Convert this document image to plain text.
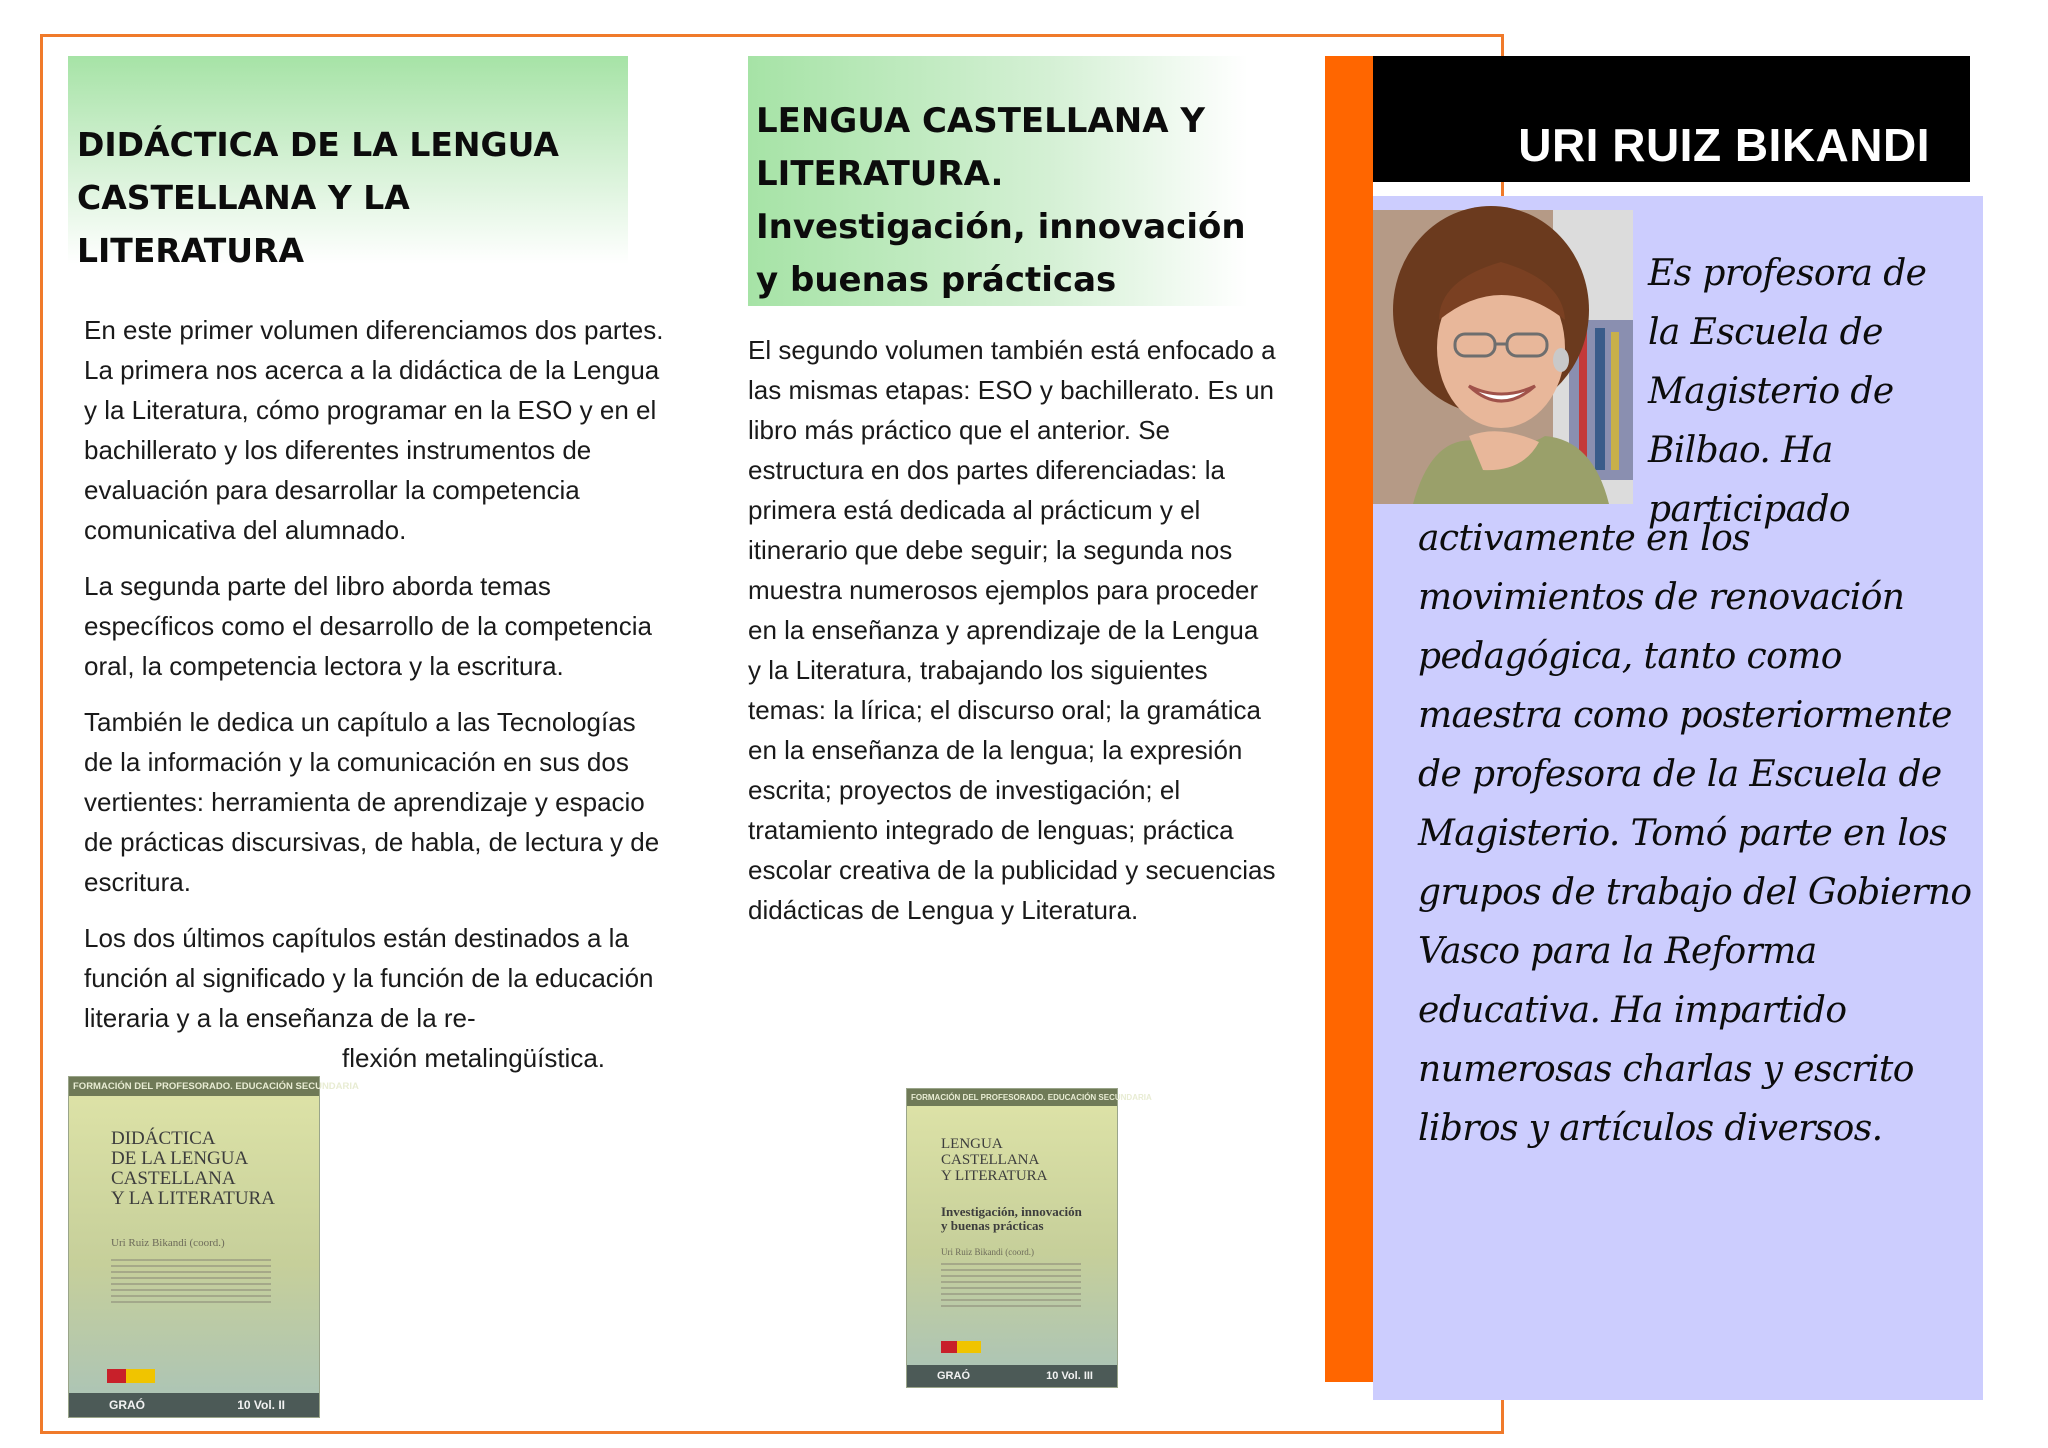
DIDÁCTICA DE LA LENGUA CASTELLANA Y LA LITERATURA

En este primer volumen diferenciamos dos partes. La primera nos acerca a la didáctica de la Lengua y la Literatura, cómo programar en la ESO y en el bachillerato y los diferentes instrumentos de evaluación para desarrollar la competencia comunicativa del alumnado.

La segunda parte del libro aborda temas específicos como el desarrollo de la competencia oral, la competencia lectora y la escritura.

También le dedica un capítulo a las Tecnologías de la información y la comunicación en sus dos vertientes: herramienta de aprendizaje y espacio de prácticas discursivas, de habla, de lectura y de escritura.

Los dos últimos capítulos están destinados a la función al significado y la función de la educación literaria y a la enseñanza de la re-

flexión metalingüística.

FORMACIÓN DEL PROFESORADO. EDUCACIÓN SECUNDARIA

DIDÁCTICA
DE LA LENGUA
CASTELLANA
Y LA LITERATURA

Uri Ruiz Bikandi (coord.)
GRAÓ	10 Vol. II
LENGUA CASTELLANA Y LITERATURA. Investigación, innovación y buenas prácticas

El segundo volumen también está enfocado a las mismas etapas: ESO y bachillerato. Es un libro más práctico que el anterior. Se estructura en dos partes diferenciadas: la primera está dedicada al prácticum y el itinerario que debe seguir; la segunda nos muestra numerosos ejemplos para proceder en la enseñanza y aprendizaje de la Lengua y la Literatura, trabajando los siguientes temas: la lírica; el discurso oral; la gramática en la enseñanza de la lengua; la expresión escrita; proyectos de investigación; el tratamiento integrado de lenguas; práctica escolar creativa de la publicidad y secuencias didácticas de Lengua y Literatura.

FORMACIÓN DEL PROFESORADO. EDUCACIÓN SECUNDARIA

LENGUA
CASTELLANA
Y LITERATURA

Investigación, innovación
y buenas prácticas
Uri Ruiz Bikandi (coord.)
GRAÓ	10 Vol. III
URI RUIZ BIKANDI

Es profesora de la Escuela de Magisterio de Bilbao. Ha participado

activamente en los movimientos de renovación pedagógica, tanto como maestra como posteriormente de profesora de la Escuela de Magisterio. Tomó parte en los grupos de trabajo del Gobierno Vasco para la Reforma educativa. Ha impartido numerosas charlas y escrito libros y artículos diversos.
